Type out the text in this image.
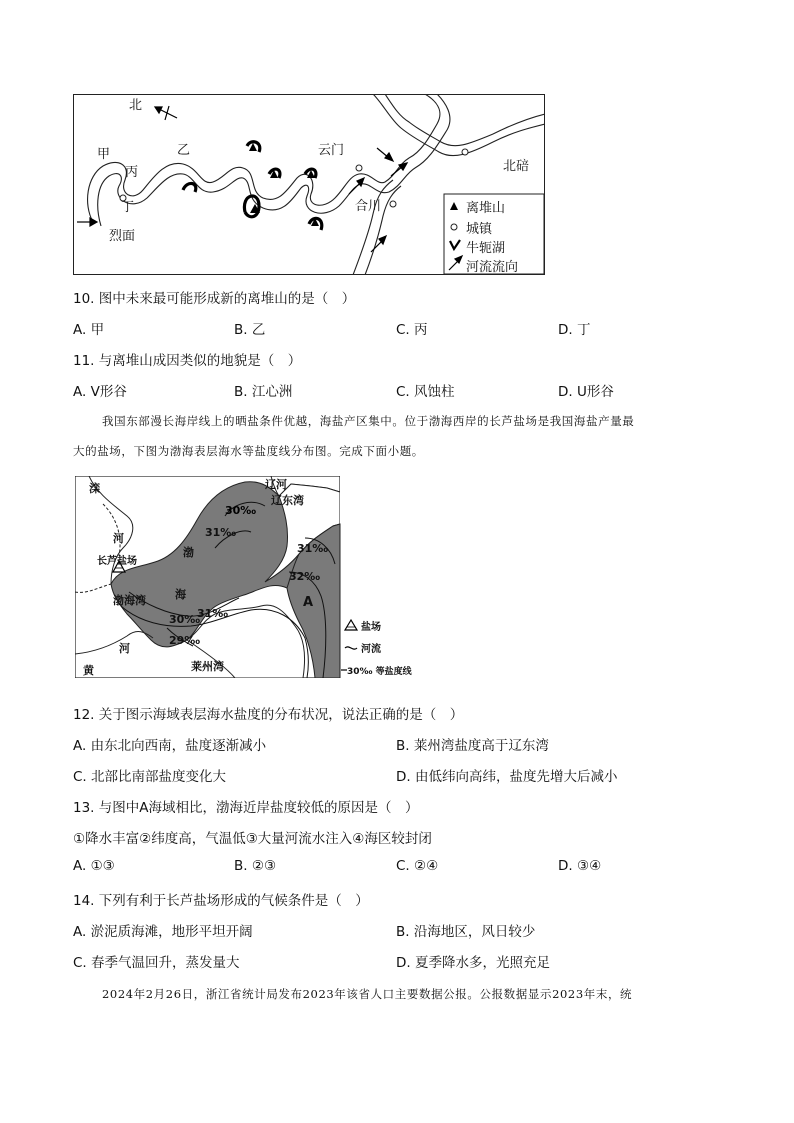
北
甲
丙
乙
丁
烈面
云门
合川
北碚
离堆山
城镇
牛轭湖
河流流向
10. 图中未来最可能形成新的离堆山的是（　）
A. 甲	B. 乙	C. 丙	D. 丁
11. 与离堆山成因类似的地貌是（　）
A. V形谷	B. 江心洲	C. 风蚀柱	D. U形谷
我国东部漫长海岸线上的晒盐条件优越，海盐产区集中。位于渤海西岸的长芦盐场是我国海盐产量最
大的盐场，下图为渤海表层海水等盐度线分布图。完成下面小题。
滦
河
辽河
辽东湾
30‰
31‰
渤	31‰
32‰
长芦盐场
渤海湾	海
31‰
30‰
A
29‰
河
黄	莱州湾
盐场
河流
30‰ 等盐度线
12. 关于图示海域表层海水盐度的分布状况，说法正确的是（　）
A. 由东北向西南，盐度逐渐减小	B. 莱州湾盐度高于辽东湾
C. 北部比南部盐度变化大	D. 由低纬向高纬，盐度先增大后减小
13. 与图中A海域相比，渤海近岸盐度较低的原因是（　）
①降水丰富②纬度高，气温低③大量河流水注入④海区较封闭
A. ①③	B. ②③	C. ②④	D. ③④
14. 下列有利于长芦盐场形成的气候条件是（　）
A. 淤泥质海滩，地形平坦开阔	B. 沿海地区，风日较少
C. 春季气温回升，蒸发量大	D. 夏季降水多，光照充足
2024年2月26日，浙江省统计局发布2023年该省人口主要数据公报。公报数据显示2023年末，统
